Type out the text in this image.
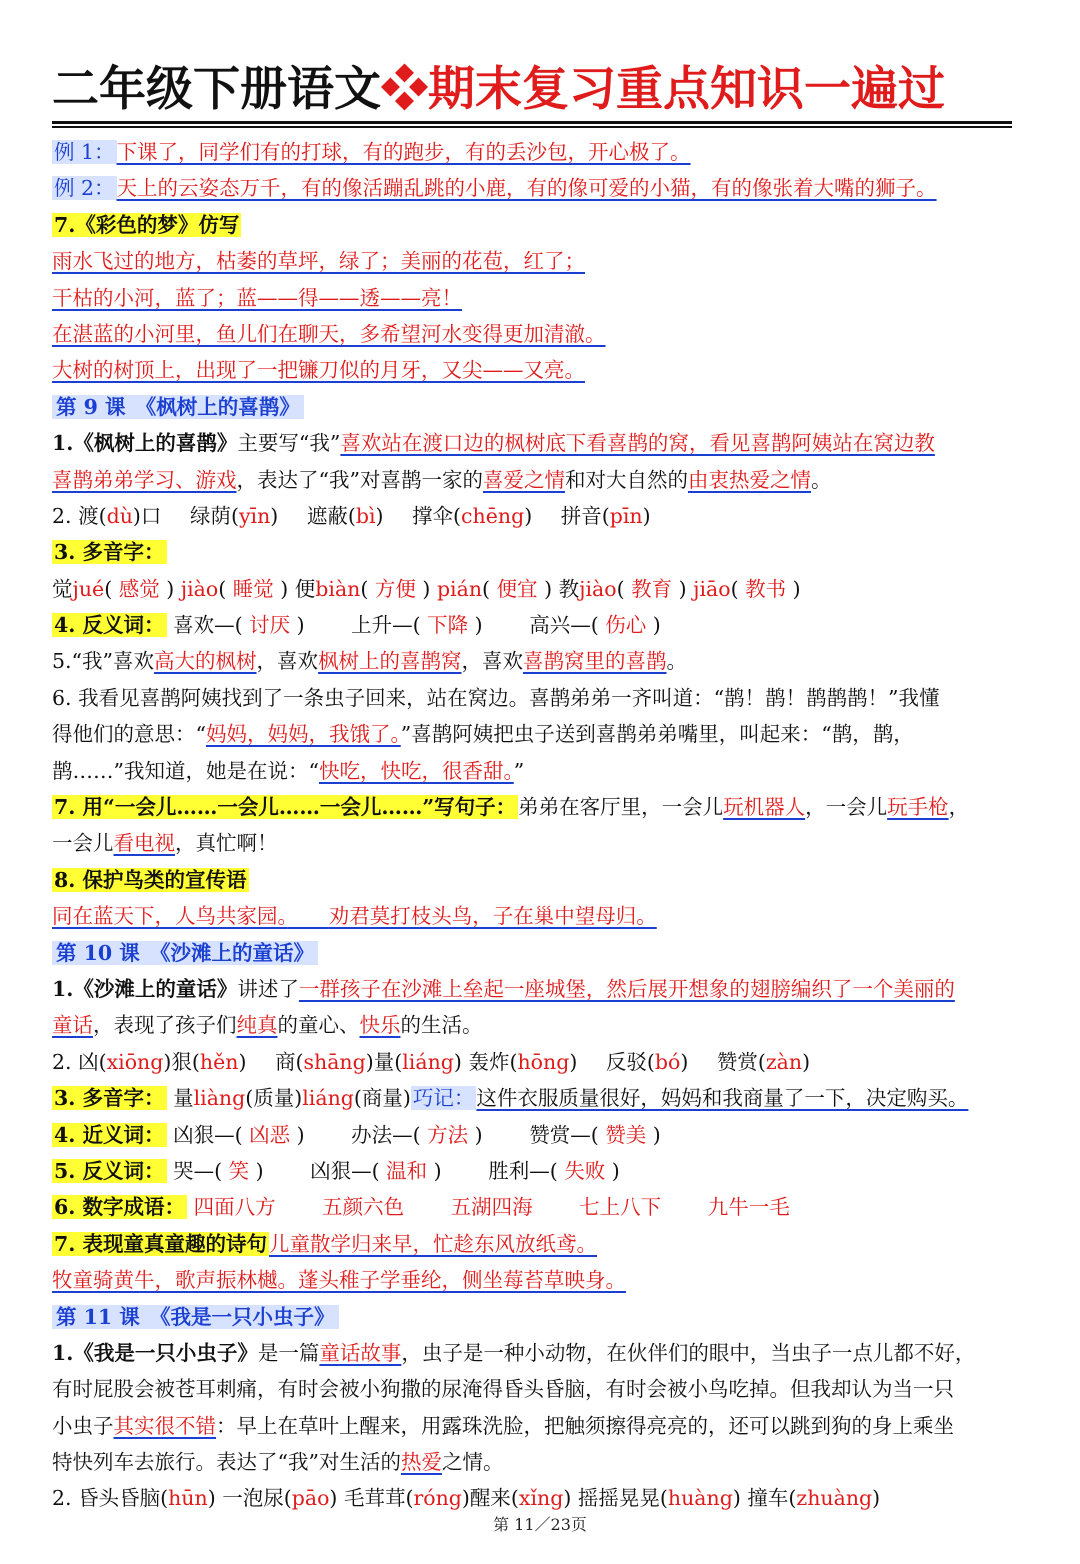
二年级下册语文❖期末复习重点知识一遍过
例 1：下课了，同学们有的打球，有的跑步，有的丢沙包，开心极了。
例 2：天上的云姿态万千，有的像活蹦乱跳的小鹿，有的像可爱的小猫，有的像张着大嘴的狮子。
7.《彩色的梦》仿写
雨水飞过的地方，枯萎的草坪，绿了；美丽的花苞，红了；
干枯的小河，蓝了；蓝——得——透——亮！
在湛蓝的小河里，鱼儿们在聊天，多希望河水变得更加清澈。
大树的树顶上，出现了一把镰刀似的月牙，又尖——又亮。
第 9 课　《枫树上的喜鹊》
1.《枫树上的喜鹊》主要写“我”喜欢站在渡口边的枫树底下看喜鹊的窝，看见喜鹊阿姨站在窝边教
喜鹊弟弟学习、游戏，表达了“我”对喜鹊一家的喜爱之情和对大自然的由衷热爱之情。
2. 渡(dù)口 绿荫(yīn) 遮蔽(bì) 撑伞(chēng) 拼音(pīn)
3. 多音字：
觉jué( 感觉 ) jiào( 睡觉 ) 便biàn( 方便 ) pián( 便宜 ) 教jiào( 教育 ) jiāo( 教书 )
4. 反义词： 喜欢—( 讨厌 ) 上升—( 下降 ) 高兴—( 伤心 )
5.“我”喜欢高大的枫树，喜欢枫树上的喜鹊窝，喜欢喜鹊窝里的喜鹊。
6. 我看见喜鹊阿姨找到了一条虫子回来，站在窝边。喜鹊弟弟一齐叫道：“鹊！鹊！鹊鹊鹊！”我懂
得他们的意思：“妈妈，妈妈，我饿了。”喜鹊阿姨把虫子送到喜鹊弟弟嘴里，叫起来：“鹊，鹊，
鹊……”我知道，她是在说：“快吃，快吃，很香甜。”
7. 用“一会儿……一会儿……一会儿……”写句子：弟弟在客厅里，一会儿玩机器人，一会儿玩手枪，
一会儿看电视，真忙啊！
8. 保护鸟类的宣传语
同在蓝天下，人鸟共家园。　　 劝君莫打枝头鸟，子在巢中望母归。
第 10 课　《沙滩上的童话》
1.《沙滩上的童话》讲述了一群孩子在沙滩上垒起一座城堡，然后展开想象的翅膀编织了一个美丽的
童话，表现了孩子们纯真的童心、快乐的生活。
2. 凶(xiōng)狠(hěn) 商(shāng)量(liáng) 轰炸(hōng) 反驳(bó) 赞赏(zàn)
3. 多音字： 量liàng(质量)liáng(商量)巧记：这件衣服质量很好，妈妈和我商量了一下，决定购买。
4. 近义词： 凶狠—( 凶恶 ) 办法—( 方法 ) 赞赏—( 赞美 )
5. 反义词： 哭—( 笑 ) 凶狠—( 温和 ) 胜利—( 失败 )
6. 数字成语： 四面八方 五颜六色 五湖四海 七上八下 九牛一毛
7. 表现童真童趣的诗句儿童散学归来早，忙趁东风放纸鸢。
牧童骑黄牛，歌声振林樾。蓬头稚子学垂纶，侧坐莓苔草映身。
第 11 课　《我是一只小虫子》
1.《我是一只小虫子》是一篇童话故事，虫子是一种小动物，在伙伴们的眼中，当虫子一点儿都不好，
有时屁股会被苍耳刺痛，有时会被小狗撒的尿淹得昏头昏脑，有时会被小鸟吃掉。但我却认为当一只
小虫子其实很不错：早上在草叶上醒来，用露珠洗脸，把触须擦得亮亮的，还可以跳到狗的身上乘坐
特快列车去旅行。表达了“我”对生活的热爱之情。
2. 昏头昏脑(hūn) 一泡尿(pāo) 毛茸茸(róng)醒来(xǐng) 摇摇晃晃(huàng) 撞车(zhuàng)
第 11／23页
